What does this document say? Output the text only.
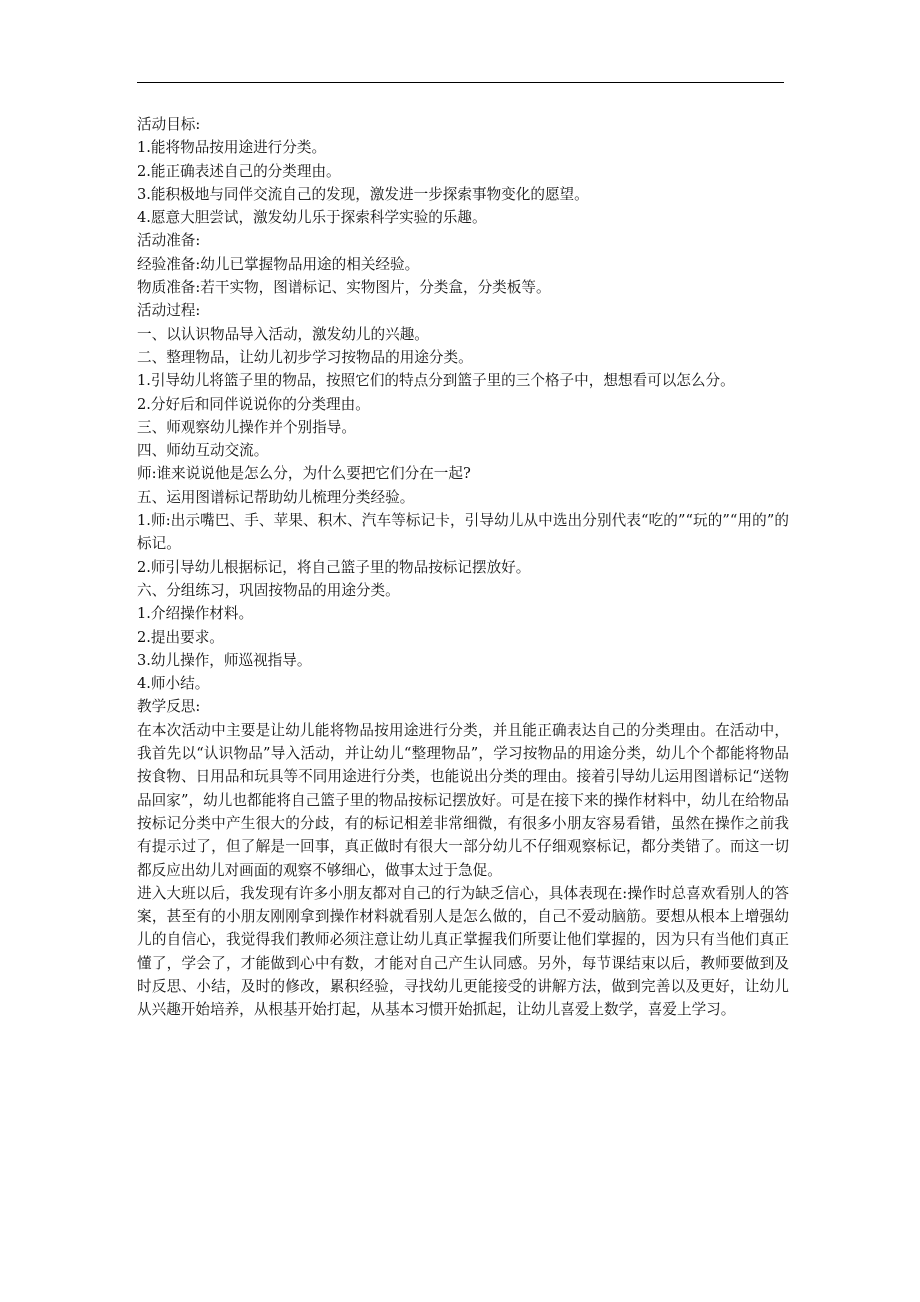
活动目标:
1.能将物品按用途进行分类。
2.能正确表述自己的分类理由。
3.能积极地与同伴交流自己的发现，激发进一步探索事物变化的愿望。
4.愿意大胆尝试，激发幼儿乐于探索科学实验的乐趣。
活动准备:
经验准备:幼儿已掌握物品用途的相关经验。
物质准备:若干实物，图谱标记、实物图片，分类盒，分类板等。
活动过程:
一、以认识物品导入活动，激发幼儿的兴趣。
二、整理物品，让幼儿初步学习按物品的用途分类。
1.引导幼儿将篮子里的物品，按照它们的特点分到篮子里的三个格子中，想想看可以怎么分。
2.分好后和同伴说说你的分类理由。
三、师观察幼儿操作并个别指导。
四、师幼互动交流。
师:谁来说说他是怎么分，为什么要把它们分在一起?
五、运用图谱标记帮助幼儿梳理分类经验。
1.师:出示嘴巴、手、苹果、积木、汽车等标记卡，引导幼儿从中选出分别代表“吃的”“玩的”“用的”的标记。
2.师引导幼儿根据标记，将自己篮子里的物品按标记摆放好。
六、分组练习，巩固按物品的用途分类。
1.介绍操作材料。
2.提出要求。
3.幼儿操作，师巡视指导。
4.师小结。
教学反思:
在本次活动中主要是让幼儿能将物品按用途进行分类，并且能正确表达自己的分类理由。在活动中，我首先以“认识物品”导入活动，并让幼儿“整理物品”，学习按物品的用途分类，幼儿个个都能将物品按食物、日用品和玩具等不同用途进行分类，也能说出分类的理由。接着引导幼儿运用图谱标记“送物品回家”，幼儿也都能将自己篮子里的物品按标记摆放好。可是在接下来的操作材料中，幼儿在给物品按标记分类中产生很大的分歧，有的标记相差非常细微，有很多小朋友容易看错，虽然在操作之前我有提示过了，但了解是一回事，真正做时有很大一部分幼儿不仔细观察标记，都分类错了。而这一切都反应出幼儿对画面的观察不够细心，做事太过于急促。
进入大班以后，我发现有许多小朋友都对自己的行为缺乏信心，具体表现在:操作时总喜欢看别人的答案，甚至有的小朋友刚刚拿到操作材料就看别人是怎么做的，自己不爱动脑筋。要想从根本上增强幼儿的自信心，我觉得我们教师必须注意让幼儿真正掌握我们所要让他们掌握的，因为只有当他们真正懂了，学会了，才能做到心中有数，才能对自己产生认同感。另外，每节课结束以后，教师要做到及时反思、小结，及时的修改，累积经验，寻找幼儿更能接受的讲解方法，做到完善以及更好，让幼儿从兴趣开始培养，从根基开始打起，从基本习惯开始抓起，让幼儿喜爱上数学，喜爱上学习。
